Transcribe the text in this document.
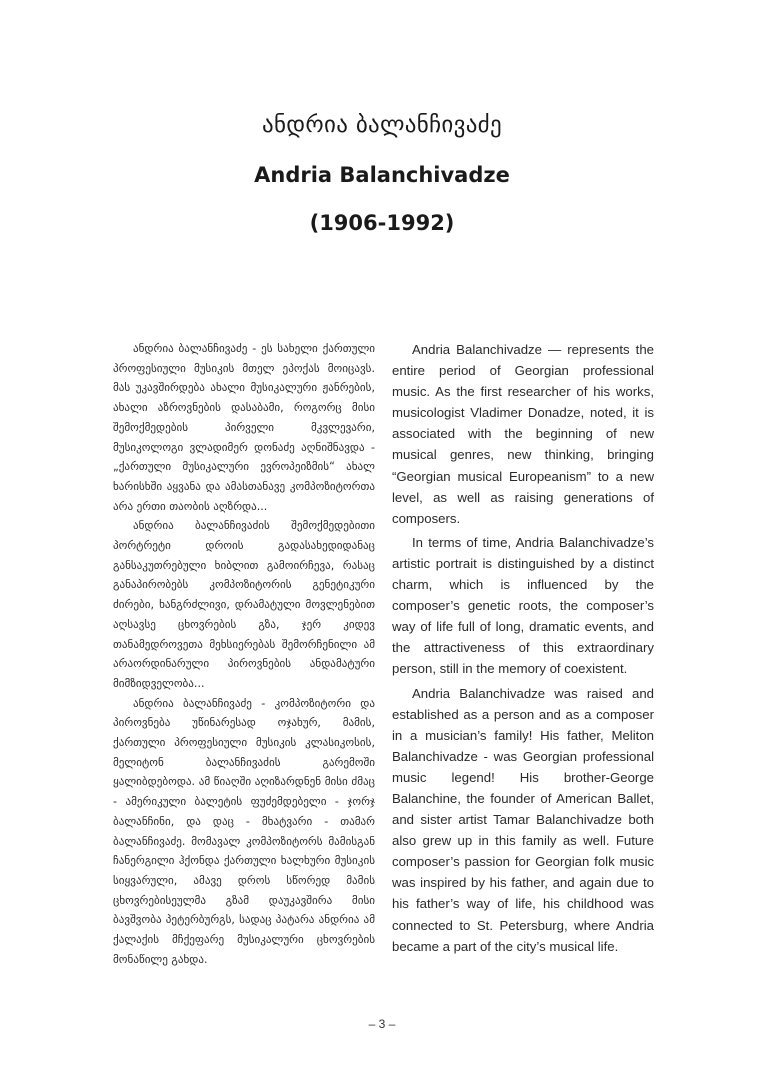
ანდრია ბალანჩივაძე
Andria Balanchivadze
(1906-1992)

ანდრია ბალანჩივაძე - ეს სახელი ქართული პროფესიული მუსიკის მთელ ეპოქას მოიცავს. მას უკავშირდება ახალი მუსიკალური ჟანრების, ახალი აზროვნების დასაბამი, როგორც მისი შემოქმედების პირველი მკვლევარი, მუსიკოლოგი ვლადიმერ დონაძე აღნიშნავდა -„ქართული მუსიკალური ევროპეიზმის“ ახალ ხარისხში აყვანა და ამასთანავე კომპოზიტორთა არა ერთი თაობის აღზრდა...

ანდრია ბალანჩივაძის შემოქმედებითი პორტრეტი დროის გადასახედიდანაც განსაკუთრებული ხიბლით გამოირჩევა, რასაც განაპირობებს კომპოზიტორის გენეტიკური ძირები, ხანგრძლივი, დრამატული მოვლენებით აღსავსე ცხოვრების გზა, ჯერ კიდევ თანამედროვეთა მეხსიერებას შემორჩენილი ამ არაორდინარული პიროვნების ანდამატური მიმზიდველობა...

ანდრია ბალანჩივაძე - კომპოზიტორი და პიროვნება უწინარესად ოჯახურ, მამის, ქართული პროფესიული მუსიკის კლასიკოსის, მელიტონ ბალანჩივაძის გარემოში ყალიბდებოდა. ამ წიაღში აღიზარდნენ მისი ძმაც - ამერიკული ბალეტის ფუძემდებელი - ჯორჯ ბალანჩინი, და დაც - მხატვარი - თამარ ბალანჩივაძე. მომავალ კომპოზიტორს მამისგან ჩანერგილი ჰქონდა ქართული ხალხური მუსიკის სიყვარული, ამავე დროს სწორედ მამის ცხოვრებისეულმა გზამ დაუკავშირა მისი ბავშვობა პეტერბურგს, სადაც პატარა ანდრია ამ ქალაქის მჩქეფარე მუსიკალური ცხოვრების მონაწილე გახდა.

Andria Balanchivadze — represents the entire period of Georgian professional music. As the first researcher of his works, musicologist Vladimer Donadze, noted, it is associated with the beginning of new musical genres, new thinking, bringing “Georgian musical Europeanism” to a new level, as well as raising generations of composers.

In terms of time, Andria Balanchivadze’s artistic portrait is distinguished by a distinct charm, which is influenced by the composer’s genetic roots, the composer’s way of life full of long, dramatic events, and the attractiveness of this extraordinary person, still in the memory of coexistent.

Andria Balanchivadze was raised and established as a person and as a composer in a musician’s family! His father, Meliton Balanchivadze - was Georgian professional music legend! His brother-George Balanchine, the founder of American Ballet, and sister artist Tamar Balanchivadze both also grew up in this family as well. Future composer’s passion for Georgian folk music was inspired by his father, and again due to his father’s way of life, his childhood was connected to St. Petersburg, where Andria became a part of the city’s musical life.

– 3 –
